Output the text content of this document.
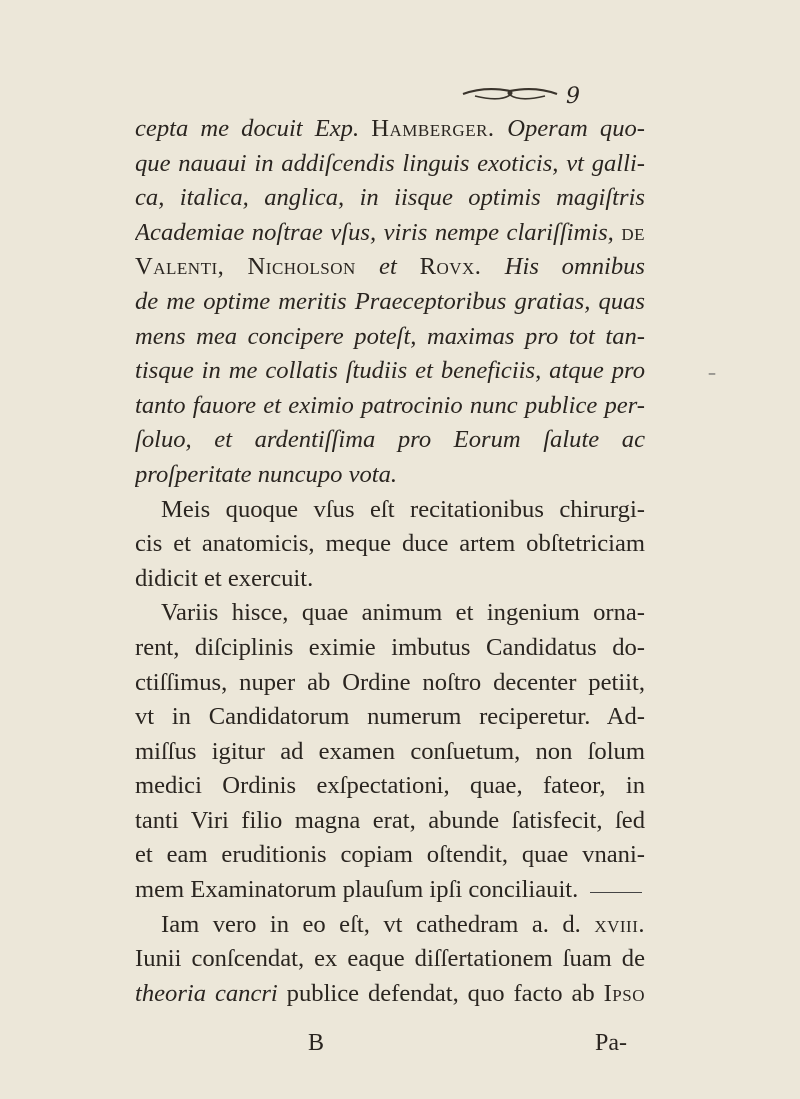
9
cepta me docuit Exp. Hamberger. Operam quo-
que nauaui in addiſcendis linguis exoticis, vt galli-
ca, italica, anglica, in iisque optimis magiſtris
Academiae noſtrae vſus, viris nempe clariſſimis, de
Valenti, Nicholson et Rovx. His omnibus
de me optime meritis Praeceptoribus gratias, quas
mens mea concipere poteſt, maximas pro tot tan-
tisque in me collatis ſtudiis et beneficiis, atque pro
tanto fauore et eximio patrocinio nunc publice per-
ſoluo, et ardentiſſima pro Eorum ſalute ac
proſperitate nuncupo vota.
Meis quoque vſus eſt recitationibus chirurgi-
cis et anatomicis, meque duce artem obſtetriciam
didicit et exercuit.
Variis hisce, quae animum et ingenium orna-
rent, diſciplinis eximie imbutus Candidatus do-
ctiſſimus, nuper ab Ordine noſtro decenter petiit,
vt in Candidatorum numerum reciperetur. Ad-
miſſus igitur ad examen conſuetum, non ſolum
medici Ordinis exſpectationi, quae, fateor, in
tanti Viri filio magna erat, abunde ſatisfecit, ſed
et eam eruditionis copiam oſtendit, quae vnani-
mem Examinatorum plauſum ipſi conciliauit.
Iam vero in eo eſt, vt cathedram a. d. xviii.
Iunii conſcendat, ex eaque diſſertationem ſuam de
theoria cancri publice defendat, quo facto ab Ipso
–
B	Pa-
